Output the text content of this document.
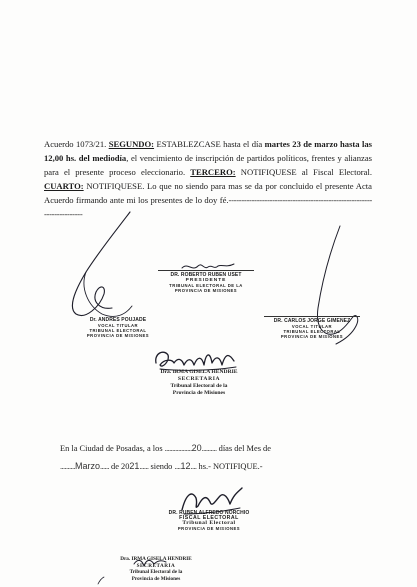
Acuerdo 1073/21. SEGUNDO: ESTABLEZCASE hasta el día martes 23 de marzo hasta las 12,00 hs. del mediodía, el vencimiento de inscripción de partidos políticos, frentes y alianzas para el presente proceso eleccionario. TERCERO: NOTIFIQUESE al Fiscal Electoral. CUARTO: NOTIFIQUESE. Lo que no siendo para mas se da por concluido el presente Acta Acuerdo firmando ante mi los presentes de lo doy fé.-----------------------------------------------------------------------
DR. ROBERTO RUBEN USET
PRESIDENTE
TRIBUNAL ELECTORAL DE LA
PROVINCIA DE MISIONES
Dr. ANDRES POUJADE
VOCAL TITULAR
TRIBUNAL ELECTORAL
PROVINCIA DE MISIONES
DR. CARLOS JORGE GIMENEZ
VOCAL TITULAR
TRIBUNAL ELECTORAL
PROVINCIA DE MISIONES
Dra. IRMA GISELA HENDRIE
SECRETARIA
Tribunal Electoral de la
Provincia de Misiones
En la Ciudad de Posadas, a los ..................20.......... días del Mes de
..........Marzo...... de 2021...... siendo ....12.... hs.- NOTIFIQUE.-
DR. RUBEN ALFREDO NORCHIO
FISCAL ELECTORAL
Tribunal Electoral
PROVINCIA DE MISIONES
Dra. IRMA GISELA HENDRIE
SECRETARIA
Tribunal Electoral de la
Provincia de Misiones
